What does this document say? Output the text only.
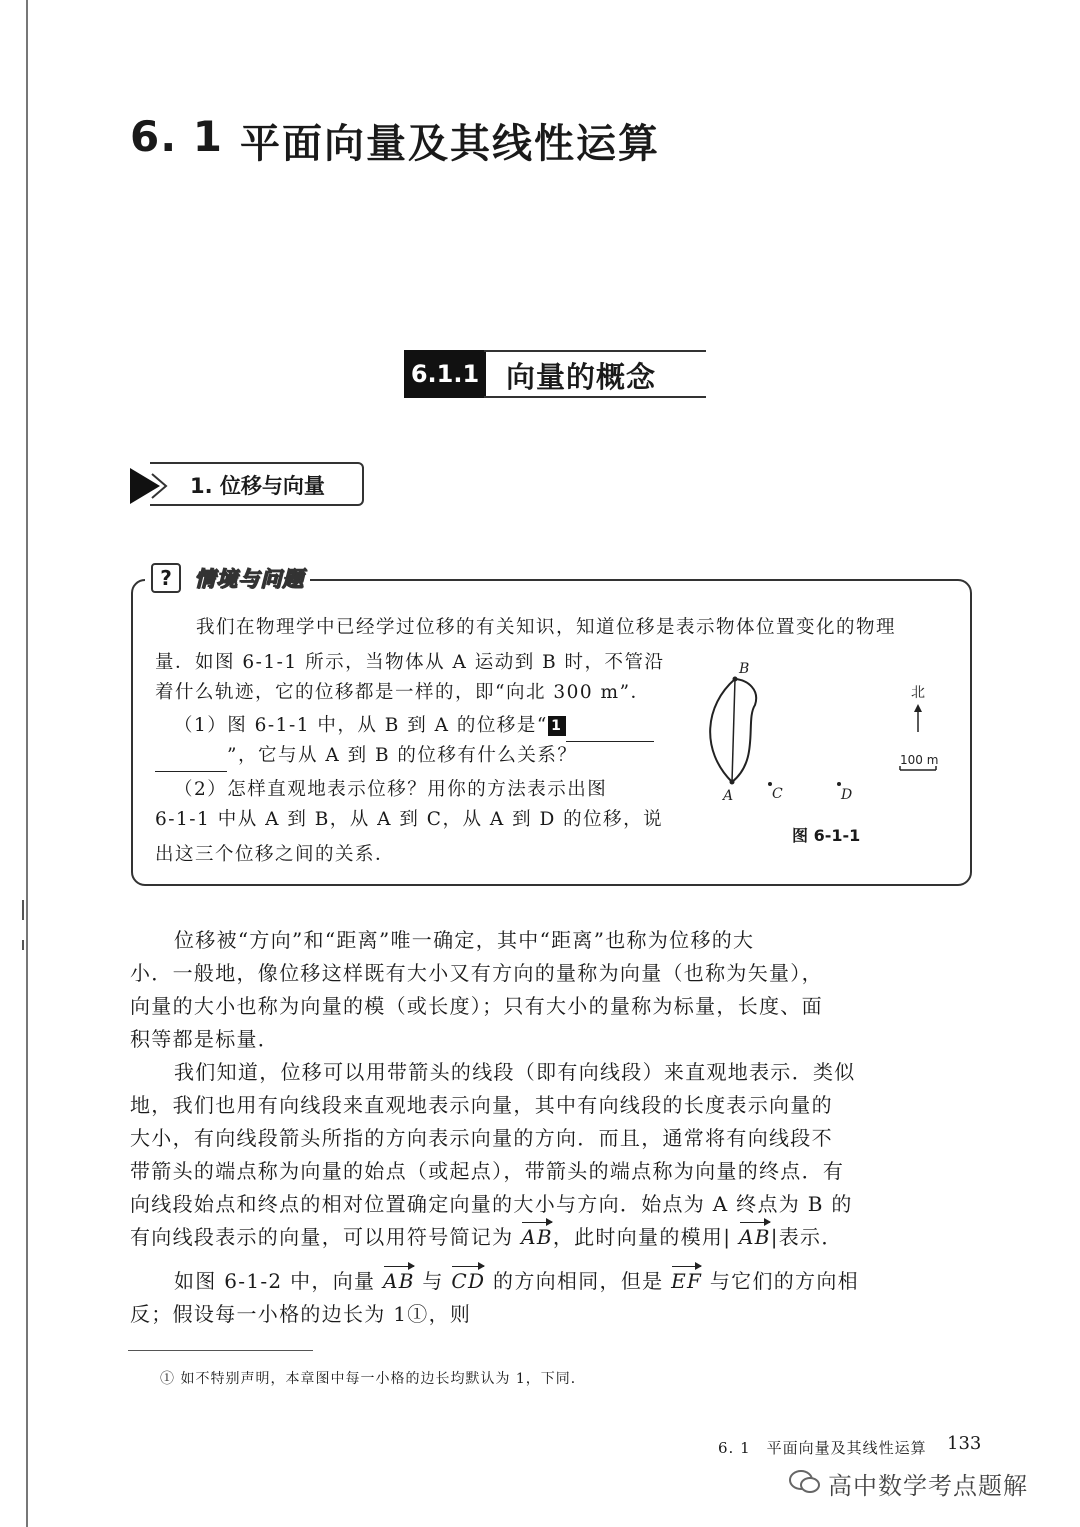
6. 1 平面向量及其线性运算
6.1.1 向量的概念
1. 位移与向量
? 情境与问题
我们在物理学中已经学过位移的有关知识，知道位移是表示物体位置变化的物理
量．如图 6-1-1 所示，当物体从 A 运动到 B 时，不管沿
着什么轨迹，它的位移都是一样的，即“向北 300 m”．
（1）图 6-1-1 中，从 B 到 A 的位移是“ 1
”，它与从 A 到 B 的位移有什么关系？
（2）怎样直观地表示位移？用你的方法表示出图
6-1-1 中从 A 到 B，从 A 到 C，从 A 到 D 的位移，说
出这三个位移之间的关系．
B
A	C	D
北
100 m
图 6-1-1
位移被“方向”和“距离”唯一确定，其中“距离”也称为位移的大
小．一般地，像位移这样既有大小又有方向的量称为向量（也称为矢量），
向量的大小也称为向量的模（或长度）；只有大小的量称为标量，长度、面
积等都是标量．
我们知道，位移可以用带箭头的线段（即有向线段）来直观地表示．类似
地，我们也用有向线段来直观地表示向量，其中有向线段的长度表示向量的
大小，有向线段箭头所指的方向表示向量的方向．而且，通常将有向线段不
带箭头的端点称为向量的始点（或起点），带箭头的端点称为向量的终点．有
向线段始点和终点的相对位置确定向量的大小与方向．始点为 A 终点为 B 的
有向线段表示的向量，可以用符号简记为 AB，此时向量的模用| AB|表示．
如图 6-1-2 中，向量 AB 与 CD 的方向相同，但是 EF 与它们的方向相
反；假设每一小格的边长为 1①，则
① 如不特别声明，本章图中每一小格的边长均默认为 1，下同．
6. 1　平面向量及其线性运算 133
高中数学考点题解
